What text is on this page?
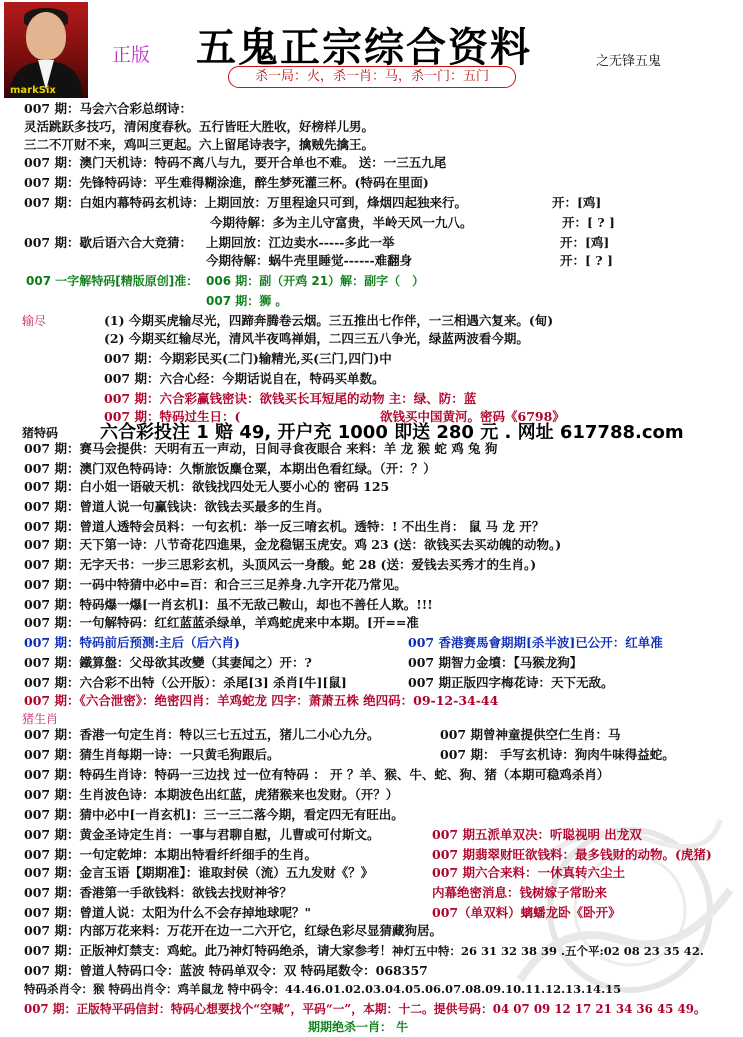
markSix
正版 五鬼正宗综合资料	之无锋五鬼
杀一局：火，杀一肖：马，杀一门：五门
007 期：马会六合彩总纲诗：
灵活跳跃多技巧，清闲度春秋。五行皆旺大胜收，好榜样儿男。
三二不丌财不来，鸡叫三更起。六上留尾诗表字，擒贼先擒王。
007 期：澳门天机诗：特码不离八与九，要开合单也不难。 送：一三五九尾
007 期：先锋特码诗：平生难得糊涂進，醉生梦死灌三杯。(特码在里面)
007 期：白姐内幕特码玄机诗：上期回放：万里程途只可到，烽烟四起独来行。	开：[鸡]
今期待解：多为主儿守富贵，半岭天风一九八。	开：[ ? ]
007 期：歇后语六合大竞猜： 上期回放：江边卖水-----多此一举	开：[鸡]
今期待解：蜗牛壳里睡觉------难翻身	开：[ ? ]
007 一字解特码[精版原创]准： 006 期：副（开鸡 21）解：副字（　）
007 期：狮 。
输尽	(1) 今期买虎输尽光，四蹄奔腾卷云烟。三五推出七作伴，一三相遇六复来。(甸)
(2) 今期买红输尽光，清风半夜鸣禅娟，二四三五八争光，绿蓝两波看今期。
007 期：今期彩民买(二门)输精光,买(三门,四门)中
007 期：六合心经：今期话说自在，特码买单数。
007 期：六合彩赢钱密诀：欲钱买长耳短尾的动物 主：绿、防：蓝
007 期：特码过生日：(	欲钱买中国黄河。密码《6798》
猪特码 六合彩投注 1 赔 49, 开户充 1000 即送 280 元 . 网址 617788.com
007 期：赛马会提供：天明有五一声动，日间寻食夜眼合 来料：羊 龙 猴 蛇 鸡 兔 狗
007 期：澳门双色特码诗：久惭旅饭麋仓粟，本期出色看红绿。（开：？）
007 期：白小姐一语破天机：欲钱找四处无人要小心的 密码 125
007 期：曾道人说一句赢钱诀：欲钱去买最多的生肖。
007 期：曾道人透特会员料：一句玄机：举一反三唷玄机。透特：! 不出生肖： 鼠 马 龙 开？
007 期：天下第一诗：八节奇花四進果，金龙稳锯玉虎安。鸡 23 (送：欲钱买去买动魄的动物。)
007 期：无字天书：一步三思彩玄机，头顶风云一身酸。蛇 28 (送：爱钱去买秀才的生肖。)
007 期：一码中特猜中必中=百：和合三三足养身.九字开花乃常见。
007 期：特码爆一爆[一肖玄机]：虽不无敌己鞍山，却也不善任人欺。!!!
007 期：一句解特码：红红蓝蓝杀绿单，羊鸡蛇虎来中本期。[开==准
007 期：特码前后预测:主后（后六肖)	007 香港赛馬會期期[杀半波]已公开：红单准
007 期：鐵算盤：父母欲其改變（其妻闻之）开：?	007 期智力金墳：【马猴龙狗】
007 期：六合彩不出特（公开版）：杀尾[3] 杀肖[牛][鼠]	007 期正版四字梅花诗：天下无敌。
007 期：《六合泄密》：绝密四肖：羊鸡蛇龙 四字：萧萧五株 绝四码：09-12-34-44
猪生肖
007 期：香港一句定生肖：特以三七五过五，猪儿二小心九分。	007 期曾神童提供空仁生肖：马
007 期：猜生肖每期一诗：一只黄毛狗跟后。	007 期： 手写玄机诗：狗肉牛味得益蛇。
007 期：特码生肖诗：特码一三边找 过一位有特码 ： 开 ？羊、猴、牛、蛇、狗、猪（本期可稳鸡杀肖）
007 期：生肖波色诗：本期波色出红蓝，虎猪猴来也发财。（开？）
007 期：猜中必中[一肖玄机]：三一三二落今期，看定四无有旺出。
007 期：黄金圣诗定生肖：一事与君聊自慰，儿曹或可付斯文。	007 期五派单双决：听聪视明 出龙双
007 期：一句定乾坤：本期出特看纤纤细手的生肖。	007 期翡翠财旺欲钱料：最多钱财的动物。(虎猪)
007 期：金言玉语【期期准】：谁取封侯（流）五九发财《？》	007 期六合来料：一休真转六尘土
007 期：香港第一手欲钱料：欲钱去找财神爷？	内幕绝密消息：钱树嫁子常盼来
007 期：曾道人说：太阳为什么不会存掉地球呢？"	007（单双料）螭蟠龙卧《卧开》
007 期：内部万花来料：万花开在边一二六开它，红绿色彩尽显猜藏狗居。
007 期：正版神灯禁支：鸡蛇。此乃神灯特码绝杀，请大家参考！ 神灯五中特：26 31 32 38 39 .五个平:02 08 23 35 42.
007 期：曾道人特码口令：蓝波 特码单双令：双 特码尾数令：068357
特码杀肖令：猴 特码出肖令：鸡羊鼠龙 特中码令：44.46.01.02.03.04.05.06.07.08.09.10.11.12.13.14.15
007 期：正版特平码信封：特码心想要找个“空喊”，平码“一”，本期：十二。提供号码：04 07 09 12 17 21 34 36 45 49。
期期绝杀一肖： 牛
